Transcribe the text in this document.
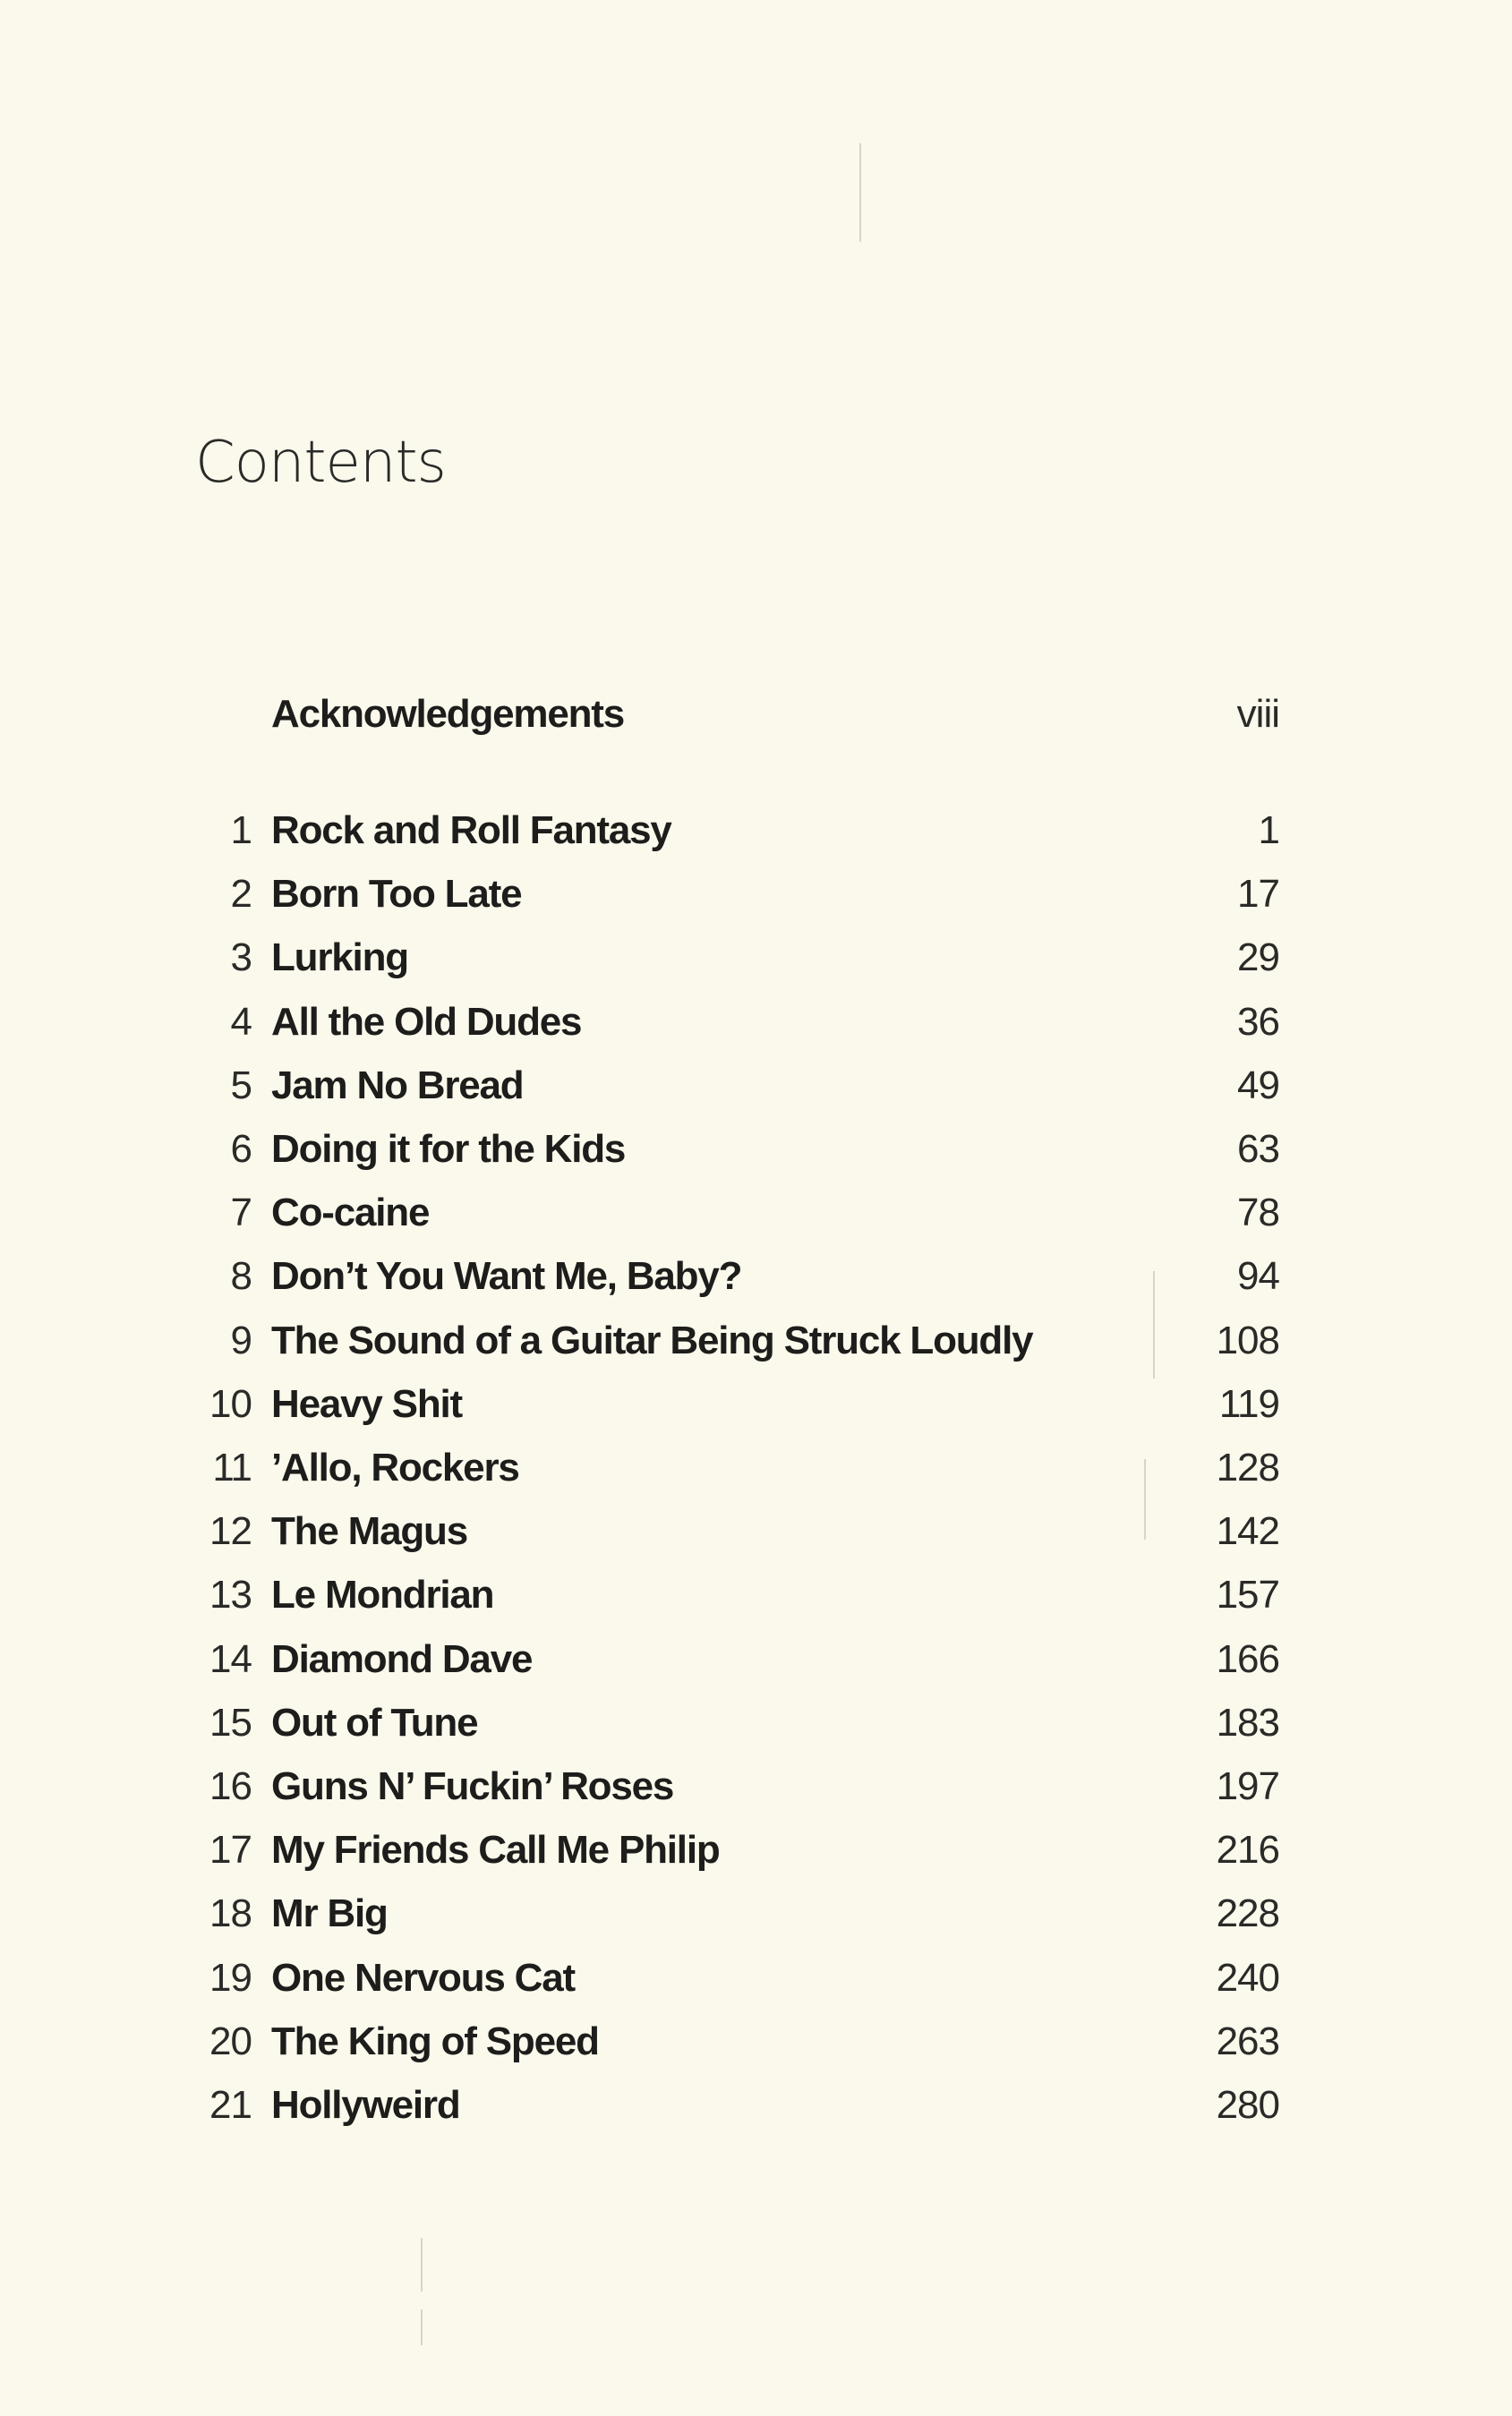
Contents
Acknowledgements	viii
1 Rock and Roll Fantasy	1
2 Born Too Late	17
3 Lurking	29
4 All the Old Dudes	36
5 Jam No Bread	49
6 Doing it for the Kids	63
7 Co-caine	78
8 Don’t You Want Me, Baby?	94
9 The Sound of a Guitar Being Struck Loudly	108
10 Heavy Shit	119
11 ’Allo, Rockers	128
12 The Magus	142
13 Le Mondrian	157
14 Diamond Dave	166
15 Out of Tune	183
16 Guns N’ Fuckin’ Roses	197
17 My Friends Call Me Philip	216
18 Mr Big	228
19 One Nervous Cat	240
20 The King of Speed	263
21 Hollyweird	280
